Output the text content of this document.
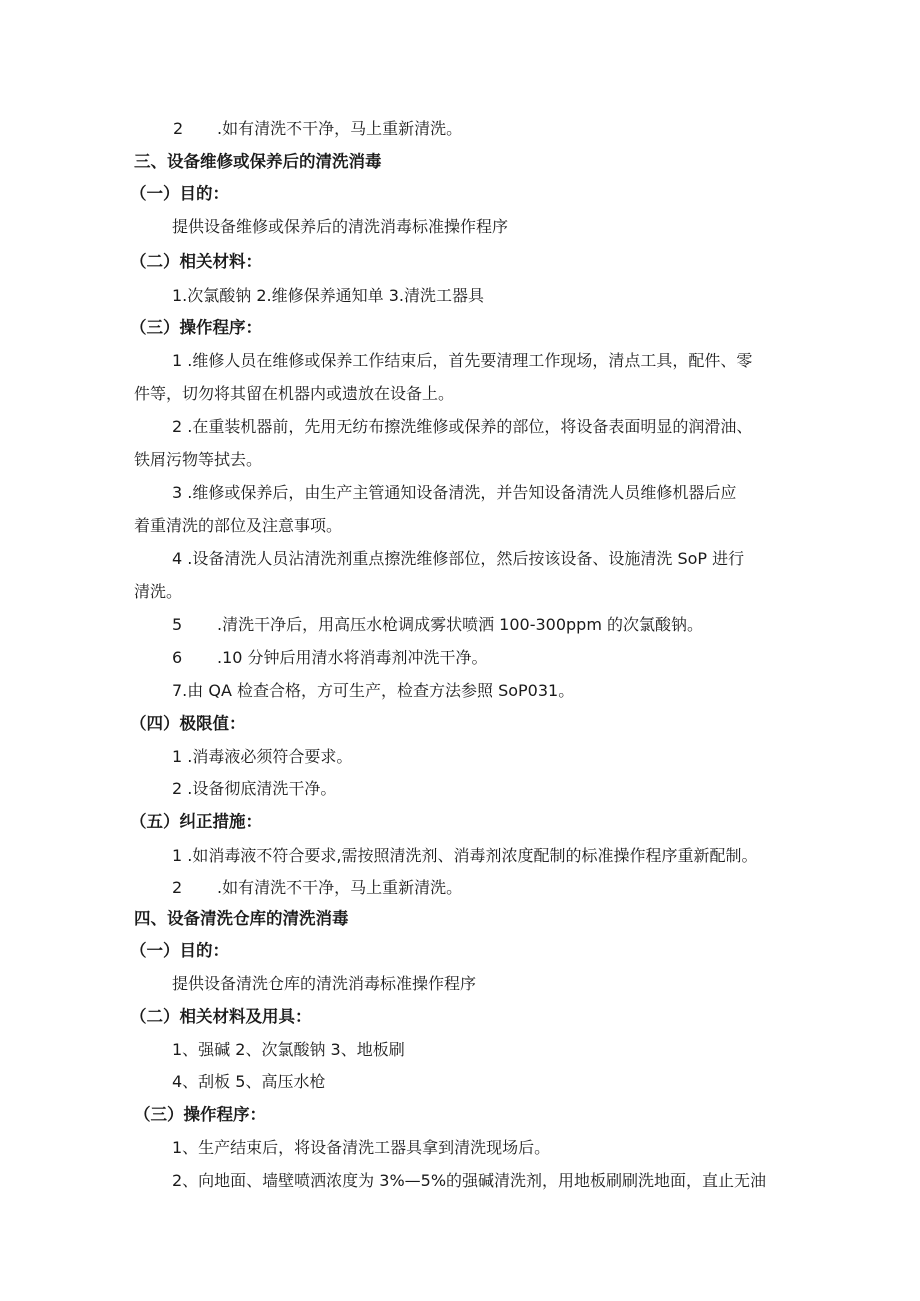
2 .如有清洗不干净，马上重新清洗。
三、设备维修或保养后的清洗消毒
（一）目的：
提供设备维修或保养后的清洗消毒标准操作程序
（二）相关材料：
1.次氯酸钠 2.维修保养通知单 3.清洗工器具
（三）操作程序：
1 .维修人员在维修或保养工作结束后，首先要清理工作现场，清点工具，配件、零
件等，切勿将其留在机器内或遗放在设备上。
2 .在重装机器前，先用无纺布擦洗维修或保养的部位，将设备表面明显的润滑油、
铁屑污物等拭去。
3 .维修或保养后，由生产主管通知设备清洗，并告知设备清洗人员维修机器后应
着重清洗的部位及注意事项。
4 .设备清洗人员沾清洗剂重点擦洗维修部位，然后按该设备、设施清洗 SoP 进行
清洗。
5 .清洗干净后，用高压水枪调成雾状喷洒 100-300ppm 的次氯酸钠。
6 .10 分钟后用清水将消毒剂冲洗干净。
7.由 QA 检查合格，方可生产，检查方法参照 SoP031。
（四）极限值：
1 .消毒液必须符合要求。
2 .设备彻底清洗干净。
（五）纠正措施：
1 .如消毒液不符合要求,需按照清洗剂、消毒剂浓度配制的标准操作程序重新配制。
2 .如有清洗不干净，马上重新清洗。
四、设备清洗仓库的清洗消毒
（一）目的：
提供设备清洗仓库的清洗消毒标准操作程序
（二）相关材料及用具：
1、强碱 2、次氯酸钠 3、地板刷
4、刮板 5、高压水枪
（三）操作程序：
1、生产结束后，将设备清洗工器具拿到清洗现场后。
2、向地面、墙壁喷洒浓度为 3%—5%的强碱清洗剂，用地板刷刷洗地面，直止无油
